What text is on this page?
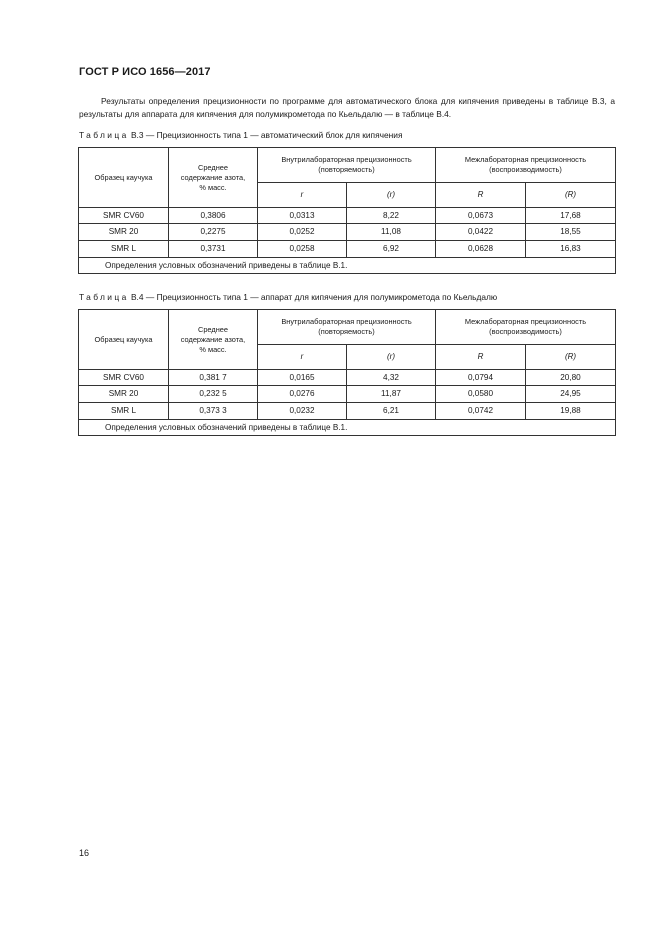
ГОСТ Р ИСО 1656—2017

Результаты определения прецизионности по программе для автоматического блока для кипячения приведены в таблице B.3, а результаты для аппарата для кипячения для полумикрометода по Кьельдалю — в таблице B.4.

Таблица B.3 — Прецизионность типа 1 — автоматический блок для кипячения
Образец каучука	Среднее содержание азота, % масс.	Внутрилабораторная прецизионность (повторяемость)		Межлабораторная прецизионность (воспроизводимость)	
		r	(r)	R	(R)
SMR CV60	0,3806	0,0313	8,22	0,0673	17,68
SMR 20	0,2275	0,0252	11,08	0,0422	18,55
SMR L	0,3731	0,0258	6,92	0,0628	16,83
Определения условных обозначений приведены в таблице B.1.					
Таблица B.4 — Прецизионность типа 1 — аппарат для кипячения для полумикрометода по Кьельдалю
Образец каучука	Среднее содержание азота, % масс.	Внутрилабораторная прецизионность (повторяемость)		Межлабораторная прецизионность (воспроизводимость)	
		r	(r)	R	(R)
SMR CV60	0,381 7	0,0165	4,32	0,0794	20,80
SMR 20	0,232 5	0,0276	11,87	0,0580	24,95
SMR L	0,373 3	0,0232	6,21	0,0742	19,88
Определения условных обозначений приведены в таблице B.1.					
16
